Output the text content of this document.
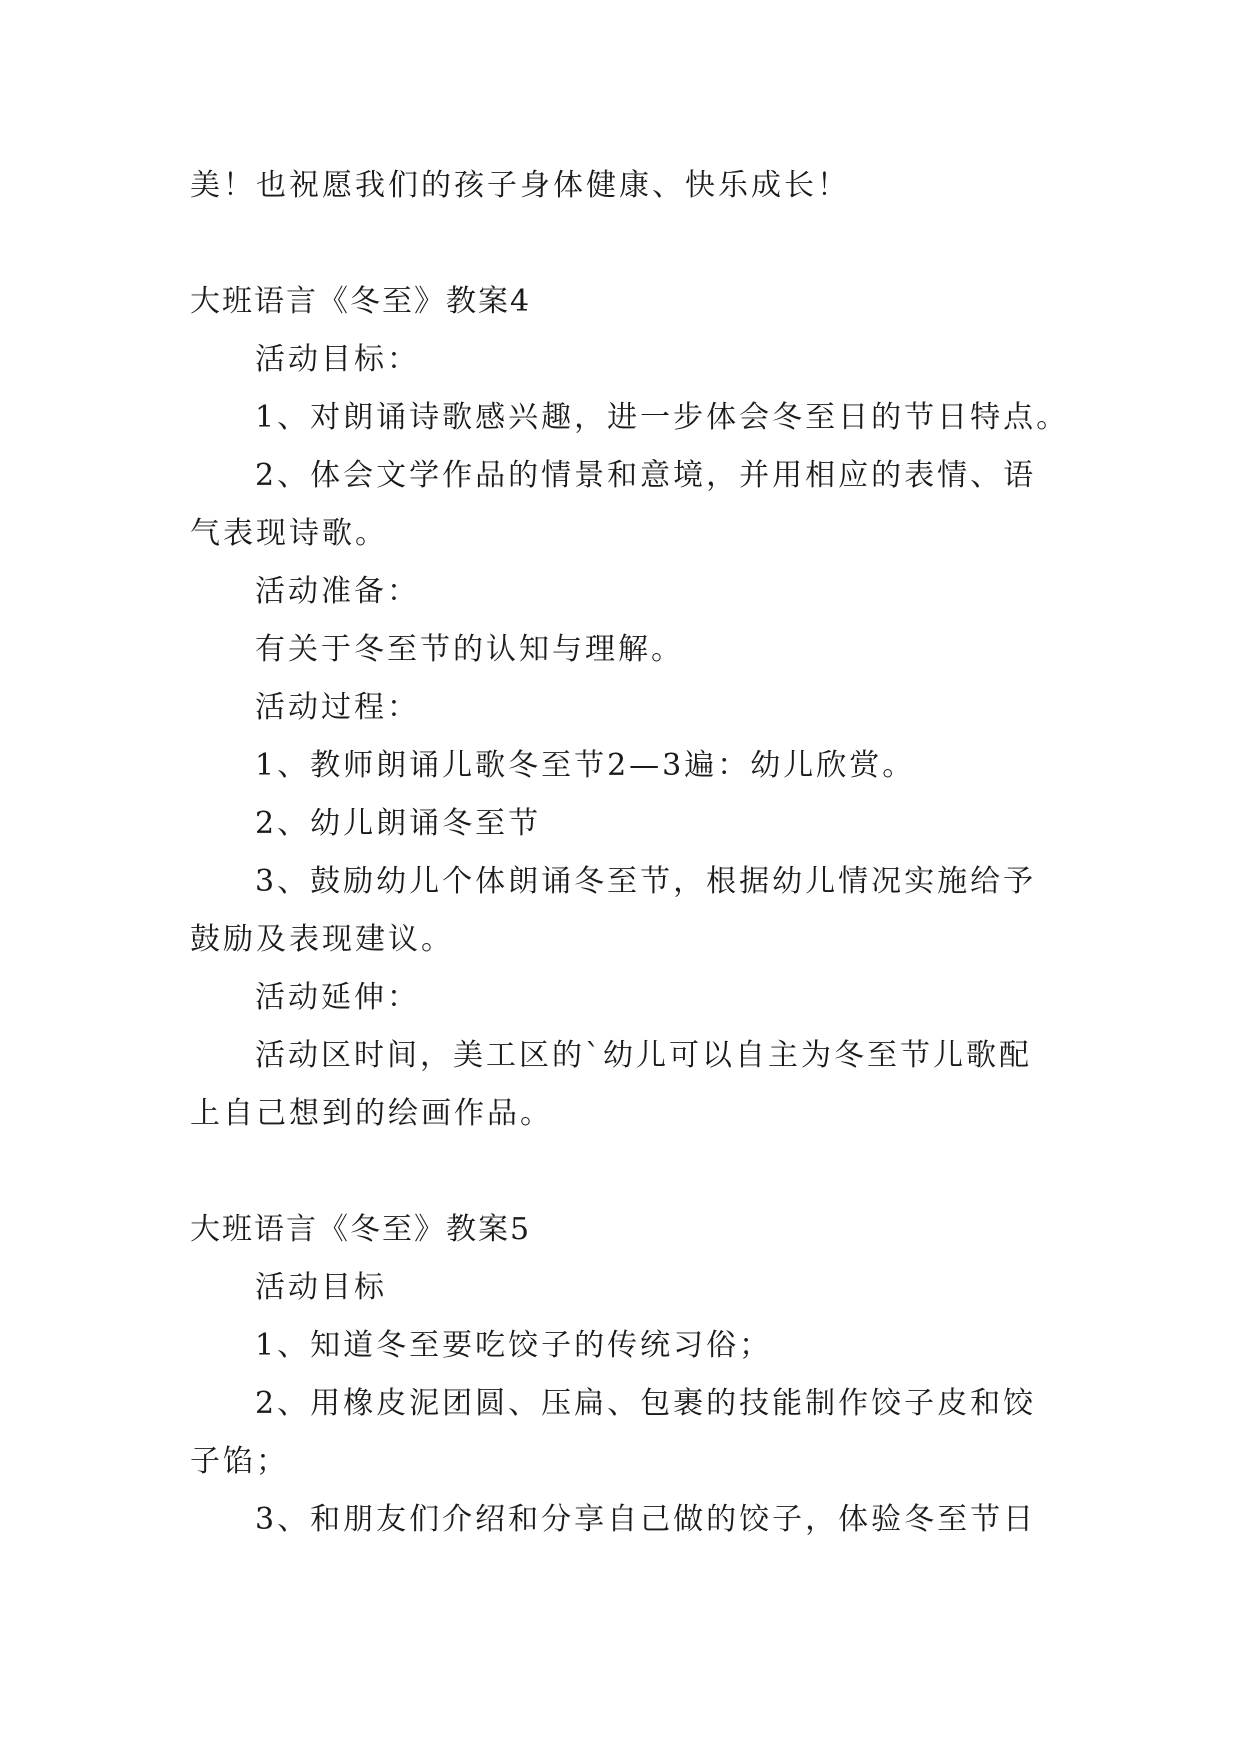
美！也祝愿我们的孩子身体健康、快乐成长！
大班语言《冬至》教案4
活动目标：
1、对朗诵诗歌感兴趣，进一步体会冬至日的节日特点。
2、体会文学作品的情景和意境，并用相应的表情、语
气表现诗歌。
活动准备：
有关于冬至节的认知与理解。
活动过程：
1、教师朗诵儿歌冬至节2—3遍：幼儿欣赏。
2、幼儿朗诵冬至节
3、鼓励幼儿个体朗诵冬至节，根据幼儿情况实施给予
鼓励及表现建议。
活动延伸：
活动区时间，美工区的`幼儿可以自主为冬至节儿歌配
上自己想到的绘画作品。
大班语言《冬至》教案5
活动目标
1、知道冬至要吃饺子的传统习俗；
2、用橡皮泥团圆、压扁、包裹的技能制作饺子皮和饺
子馅；
3、和朋友们介绍和分享自己做的饺子，体验冬至节日
